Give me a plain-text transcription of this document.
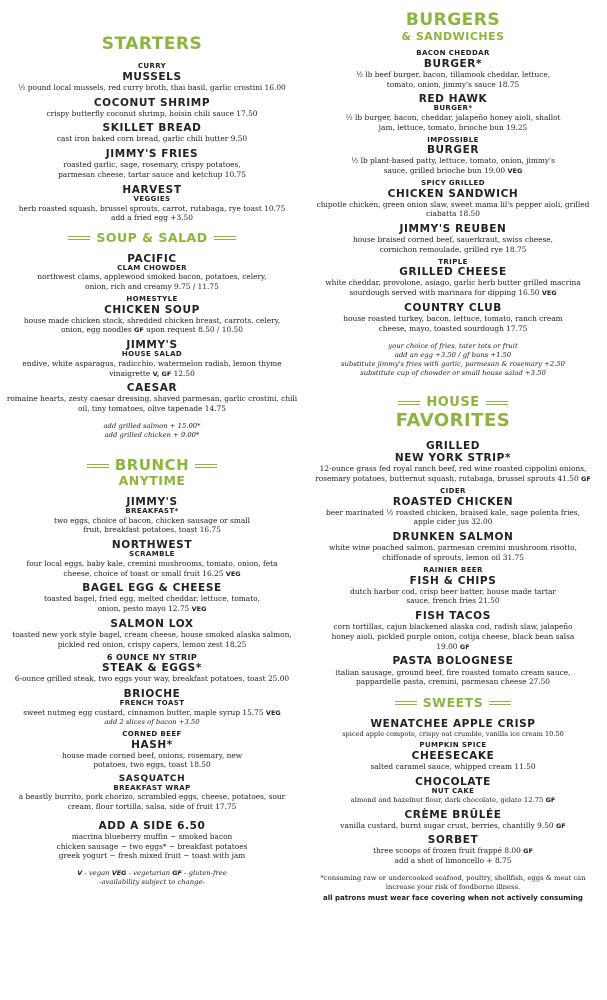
STARTERS
CURRY
MUSSELS
½ pound local mussels, red curry broth, thai basil, garlic crostini 16.00
COCONUT SHRIMP
crispy butterfly coconut shrimp, hoisin chili sauce 17.50
SKILLET BREAD
cast iron baked corn bread, garlic chili butter 9.50
JIMMY'S FRIES
roasted garlic, sage, rosemary, crispy potatoes, parmesan cheese, tartar sauce and ketchup 10.75
HARVEST
VEGGIES
herb roasted squash, brussel sprouts, carrot, rutabaga, rye toast 10.75
add a fried egg +3.50
SOUP & SALAD
PACIFIC
CLAM CHOWDER
northwest clams, applewood smoked bacon, potatoes, celery, onion, rich and creamy 9.75 / 11.75
HOMESTYLE
CHICKEN SOUP
house made chicken stock, shredded chicken breast, carrots, celery, onion, egg noodles GF upon request 8.50 / 10.50
JIMMY'S
HOUSE SALAD
endive, white asparagus, radicchio, watermelon radish, lemon thyme vinaigrette V, GF 12.50
CAESAR
romaine hearts, zesty caesar dressing, shaved parmesan, garlic crostini, chili oil, tiny tomatoes, olive tapenade 14.75
add grilled salmon + 15.00*
add grilled chicken + 9.00*
BRUNCH
ANYTIME
JIMMY'S
BREAKFAST*
two eggs, choice of bacon, chicken sausage or small fruit, breakfast potatoes, toast 16.75
NORTHWEST
SCRAMBLE
four local eggs, baby kale, cremini mushrooms, tomato, onion, feta cheese, choice of toast or small fruit 16.25 VEG
BAGEL EGG & CHEESE
toasted bagel, fried egg, melted cheddar, lettuce, tomato, onion, pesto mayo 12.75 VEG
SALMON LOX
toasted new york style bagel, cream cheese, house smoked alaska salmon, pickled red onion, crispy capers, lemon zest 18.25
6 OUNCE NY STRIP
STEAK & EGGS*
6-ounce grilled steak, two eggs your way, breakfast potatoes, toast 25.00
BRIOCHE
FRENCH TOAST
sweet nutmeg egg custard, cinnamon butter, maple syrup 15.75 VEG
add 2 slices of bacon +3.50
CORNED BEEF
HASH*
house made corned beef, onions, rosemary, new potatoes, two eggs, toast 18.50
SASQUATCH
BREAKFAST WRAP
a beastly burrito, pork chorizo, scrambled eggs, cheese, potatoes, sour cream, flour tortilla, salsa, side of fruit 17.75
ADD A SIDE 6.50
macrina blueberry muffin ~ smoked bacon
chicken sausage ~ two eggs* ~ breakfast potatoes
greek yogurt ~ fresh mixed fruit ~ toast with jam
V - vegan VEG - vegetarian GF - gluten-free
-availability subject to change-
BURGERS
& SANDWICHES
BACON CHEDDAR
BURGER*
½ lb beef burger, bacon, tillamook cheddar, lettuce, tomato, onion, jimmy's sauce 18.75
RED HAWK
BURGER*
½ lb burger, bacon, cheddar, jalapeño honey aioli, shallot jam, lettuce, tomato, brioche bun 19.25
IMPOSSIBLE
BURGER
½ lb plant-based patty, lettuce, tomato, onion, jimmy's sauce, grilled brioche bun 19.00 VEG
SPICY GRILLED
CHICKEN SANDWICH
chipotle chicken, green onion slaw, sweet mama lil's pepper aioli, grilled ciabatta 18.50
JIMMY'S REUBEN
house braised corned beef, sauerkraut, swiss cheese, cornichon remoulade, grilled rye 18.75
TRIPLE
GRILLED CHEESE
white cheddar, provolone, asiago, garlic herb butter grilled macrina sourdough served with marinara for dipping 16.50 VEG
COUNTRY CLUB
house roasted turkey, bacon, lettuce, tomato, ranch cream cheese, mayo, toasted sourdough 17.75
your choice of fries, tater tots or fruit
add an egg +3.50 / gf buns +1.50
substitute jimmy's fries with garlic, parmesan & rosemary +2.50
substitute cup of chowder or small house salad +3.50
HOUSE
FAVORITES
GRILLED
NEW YORK STRIP*
12-ounce grass fed royal ranch beef, red wine roasted cippolini onions, rosemary potatoes, butternut squash, rutabaga, brussel sprouts 41.50 GF
CIDER
ROASTED CHICKEN
beer marinated ½ roasted chicken, braised kale, sage polenta fries, apple cider jus 32.00
DRUNKEN SALMON
white wine poached salmon, parmesan cremini mushroom risotto, chiffonade of sprouts, lemon oil 31.75
RAINIER BEER
FISH & CHIPS
dutch harbor cod, crisp beer batter, house made tartar sauce, french fries 21.50
FISH TACOS
corn tortillas, cajun blackened alaska cod, radish slaw, jalapeño honey aioli, pickled purple onion, cotija cheese, black bean salsa 19.00 GF
PASTA BOLOGNESE
italian sausage, ground beef, fire roasted tomato cream sauce, pappardelle pasta, cremini, parmesan cheese 27.50
SWEETS
WENATCHEE APPLE CRISP
spiced apple compote, crispy oat crumble, vanilla ice cream 10.50
PUMPKIN SPICE
CHEESECAKE
salted caramel sauce, whipped cream 11.50
CHOCOLATE
NUT CAKE
almond and hazelnut flour, dark chocolate, gelato 12.75 GF
CRÈME BRÛLÉE
vanilla custard, burnt sugar crust, berries, chantilly 9.50 GF
SORBET
three scoops of frozen fruit frappé 8.00 GF
add a shot of limoncello + 8.75
*consuming raw or undercooked seafood, poultry, shellfish, eggs & meat can increase your risk of foodborne illness.
all patrons must wear face covering when not actively consuming
